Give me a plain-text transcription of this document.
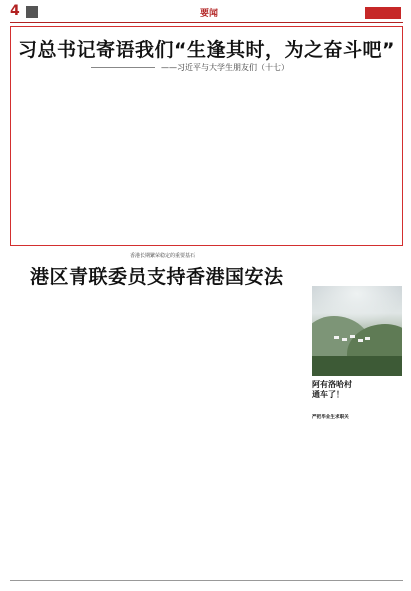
4	要闻
习总书记寄语我们“生逢其时，为之奋斗吧”
——习近平与大学生朋友们（十七）

香港长期繁荣稳定的重要基石
港区青联委员支持香港国安法

阿有洛哈村 通车了！
严把毕业生求职关
